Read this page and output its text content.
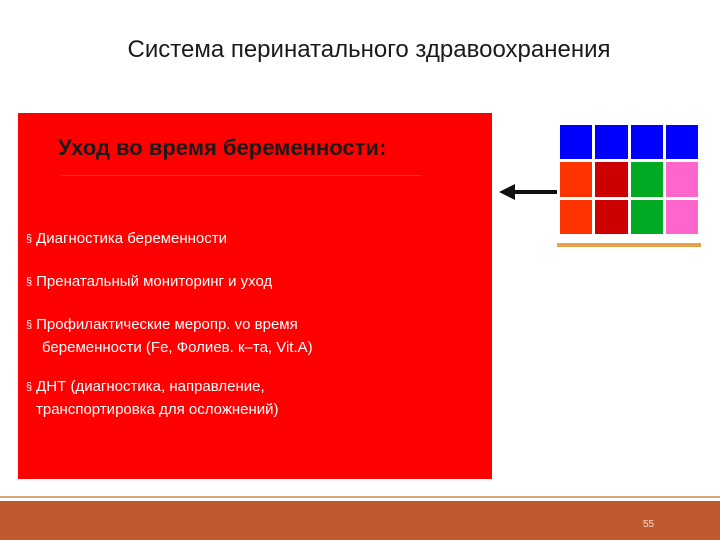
Система перинатального здравоохранения
Уход во время беременности:
§ Диагностика беременности
§ Пренатальный мониторинг и уход
§ Профилактические меропр. vo время
беременности (Fe, Фолиев. к–та, Vit.A)
§ ДНТ (диагностика, направление,
транспортировка для осложнений)
55
